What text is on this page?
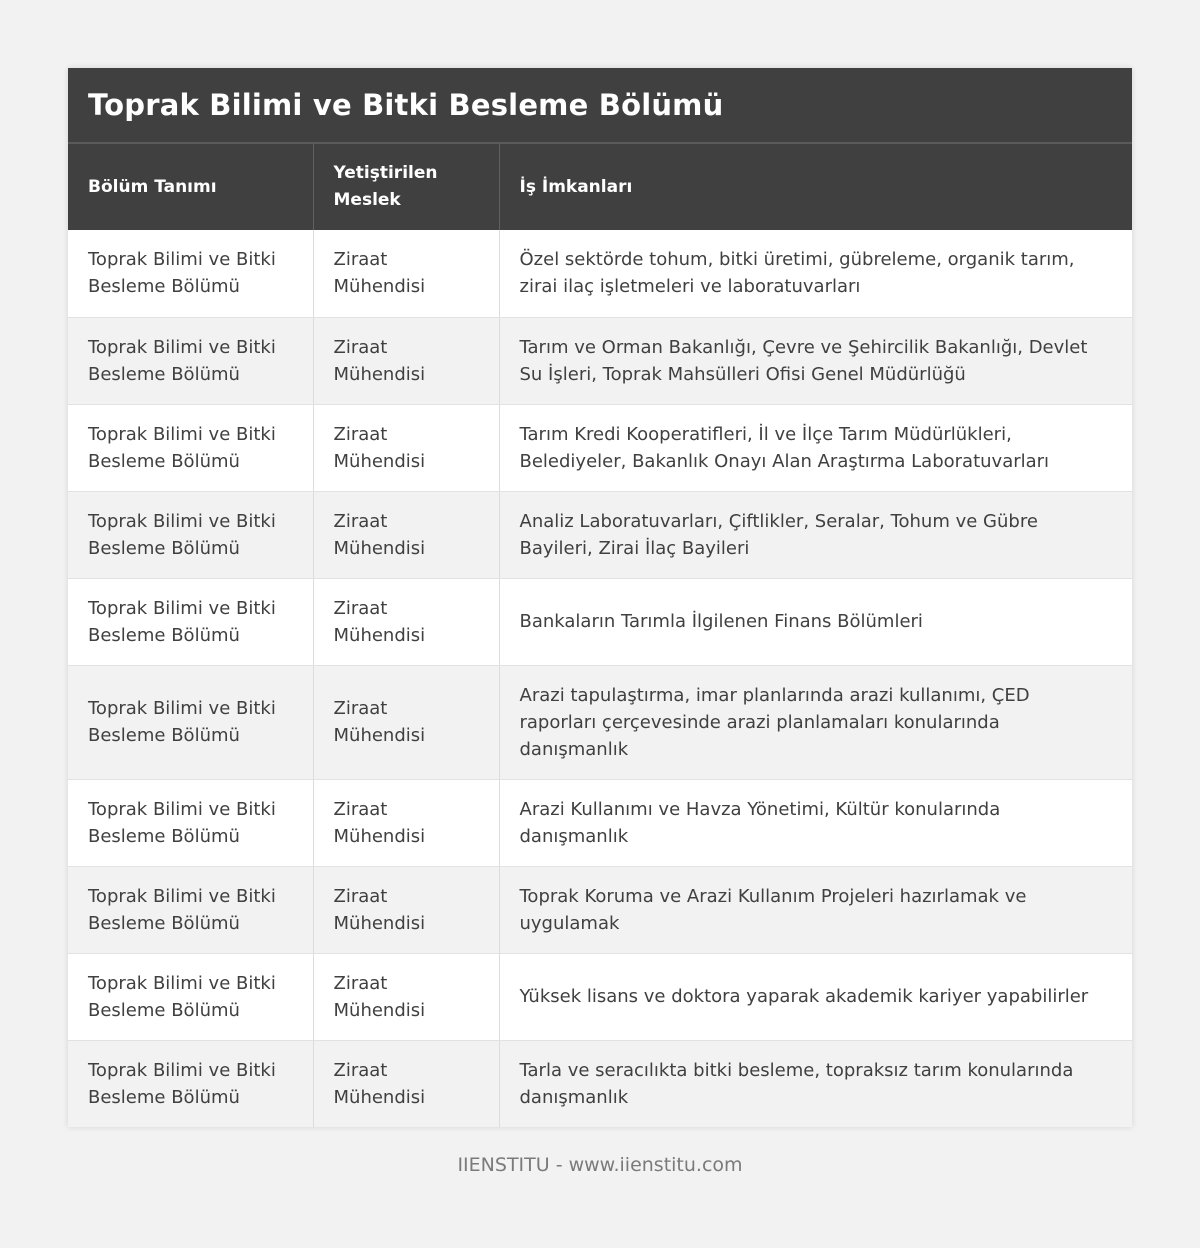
Toprak Bilimi ve Bitki Besleme Bölümü
Bölüm Tanımı	Yetiştirilen Meslek	İş İmkanları
Toprak Bilimi ve Bitki Besleme Bölümü	Ziraat Mühendisi	Özel sektörde tohum, bitki üretimi, gübreleme, organik tarım, zirai ilaç işletmeleri ve laboratuvarları
Toprak Bilimi ve Bitki Besleme Bölümü	Ziraat Mühendisi	Tarım ve Orman Bakanlığı, Çevre ve Şehircilik Bakanlığı, Devlet Su İşleri, Toprak Mahsülleri Ofisi Genel Müdürlüğü
Toprak Bilimi ve Bitki Besleme Bölümü	Ziraat Mühendisi	Tarım Kredi Kooperatifleri, İl ve İlçe Tarım Müdürlükleri, Belediyeler, Bakanlık Onayı Alan Araştırma Laboratuvarları
Toprak Bilimi ve Bitki Besleme Bölümü	Ziraat Mühendisi	Analiz Laboratuvarları, Çiftlikler, Seralar, Tohum ve Gübre Bayileri, Zirai İlaç Bayileri
Toprak Bilimi ve Bitki Besleme Bölümü	Ziraat Mühendisi	Bankaların Tarımla İlgilenen Finans Bölümleri
Toprak Bilimi ve Bitki Besleme Bölümü	Ziraat Mühendisi	Arazi tapulaştırma, imar planlarında arazi kullanımı, ÇED raporları çerçevesinde arazi planlamaları konularında danışmanlık
Toprak Bilimi ve Bitki Besleme Bölümü	Ziraat Mühendisi	Arazi Kullanımı ve Havza Yönetimi, Kültür konularında danışmanlık
Toprak Bilimi ve Bitki Besleme Bölümü	Ziraat Mühendisi	Toprak Koruma ve Arazi Kullanım Projeleri hazırlamak ve uygulamak
Toprak Bilimi ve Bitki Besleme Bölümü	Ziraat Mühendisi	Yüksek lisans ve doktora yaparak akademik kariyer yapabilirler
Toprak Bilimi ve Bitki Besleme Bölümü	Ziraat Mühendisi	Tarla ve seracılıkta bitki besleme, topraksız tarım konularında danışmanlık
IIENSTITU - www.iienstitu.com
